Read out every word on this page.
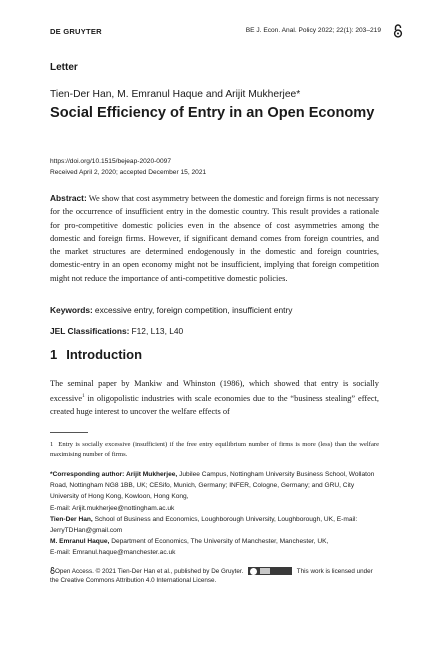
DE GRUYTER	BE J. Econ. Anal. Policy 2022; 22(1): 203–219
Letter
Tien-Der Han, M. Emranul Haque and Arijit Mukherjee*
Social Efficiency of Entry in an Open Economy
https://doi.org/10.1515/bejeap-2020-0097
Received April 2, 2020; accepted December 15, 2021
Abstract: We show that cost asymmetry between the domestic and foreign firms is not necessary for the occurrence of insufficient entry in the domestic country. This result provides a rationale for pro-competitive domestic policies even in the absence of cost asymmetries among the domestic and foreign firms. However, if significant demand comes from foreign countries, and the market structures are determined endogenously in the domestic and foreign countries, domestic-entry in an open economy might not be insufficient, implying that foreign competition might not reduce the importance of anti-competitive domestic policies.
Keywords: excessive entry, foreign competition, insufficient entry
JEL Classifications: F12, L13, L40
1 Introduction
The seminal paper by Mankiw and Whinston (1986), which showed that entry is socially excessive$^1$ in oligopolistic industries with scale economies due to the “business stealing” effect, created huge interest to uncover the welfare effects of
1 Entry is socially excessive (insufficient) if the free entry equilibrium number of firms is more (less) than the welfare maximising number of firms.
*Corresponding author: Arijit Mukherjee, Jubilee Campus, Nottingham University Business School, Wollaton Road, Nottingham NG8 1BB, UK; CESifo, Munich, Germany; INFER, Cologne, Germany; and GRU, City University of Hong Kong, Kowloon, Hong Kong,
E-mail: Arijit.mukherjee@nottingham.ac.uk
Tien-Der Han, School of Business and Economics, Loughborough University, Loughborough, UK, E-mail: JerryTDHan@gmail.com
M. Emranul Haque, Department of Economics, The University of Manchester, Manchester, UK,
E-mail: Emranul.haque@manchester.ac.uk
Open Access. © 2021 Tien-Der Han et al., published by De Gruyter.	This work is licensed under the Creative Commons Attribution 4.0 International License.
